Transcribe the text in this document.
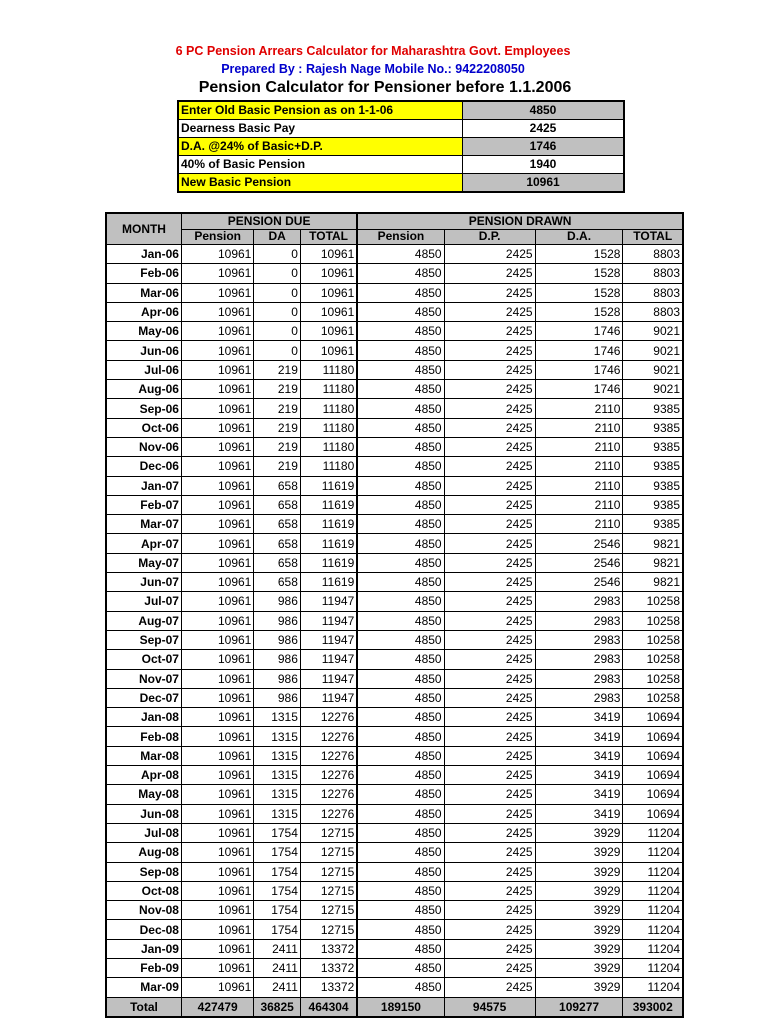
6 PC Pension Arrears Calculator for Maharashtra Govt. Employees
Prepared By : Rajesh Nage Mobile No.: 9422208050
Pension Calculator for Pensioner before 1.1.2006
Enter Old Basic Pension as on 1-1-06	4850
Dearness Basic Pay	2425
D.A. @24% of Basic+D.P.	1746
40% of Basic Pension	1940
New Basic Pension	10961
MONTH	PENSION DUE			PENSION DRAWN			
	Pension	DA	TOTAL	Pension	D.P.	D.A.	TOTAL
Jan-06	10961	0	10961	4850	2425	1528	8803
Feb-06	10961	0	10961	4850	2425	1528	8803
Mar-06	10961	0	10961	4850	2425	1528	8803
Apr-06	10961	0	10961	4850	2425	1528	8803
May-06	10961	0	10961	4850	2425	1746	9021
Jun-06	10961	0	10961	4850	2425	1746	9021
Jul-06	10961	219	11180	4850	2425	1746	9021
Aug-06	10961	219	11180	4850	2425	1746	9021
Sep-06	10961	219	11180	4850	2425	2110	9385
Oct-06	10961	219	11180	4850	2425	2110	9385
Nov-06	10961	219	11180	4850	2425	2110	9385
Dec-06	10961	219	11180	4850	2425	2110	9385
Jan-07	10961	658	11619	4850	2425	2110	9385
Feb-07	10961	658	11619	4850	2425	2110	9385
Mar-07	10961	658	11619	4850	2425	2110	9385
Apr-07	10961	658	11619	4850	2425	2546	9821
May-07	10961	658	11619	4850	2425	2546	9821
Jun-07	10961	658	11619	4850	2425	2546	9821
Jul-07	10961	986	11947	4850	2425	2983	10258
Aug-07	10961	986	11947	4850	2425	2983	10258
Sep-07	10961	986	11947	4850	2425	2983	10258
Oct-07	10961	986	11947	4850	2425	2983	10258
Nov-07	10961	986	11947	4850	2425	2983	10258
Dec-07	10961	986	11947	4850	2425	2983	10258
Jan-08	10961	1315	12276	4850	2425	3419	10694
Feb-08	10961	1315	12276	4850	2425	3419	10694
Mar-08	10961	1315	12276	4850	2425	3419	10694
Apr-08	10961	1315	12276	4850	2425	3419	10694
May-08	10961	1315	12276	4850	2425	3419	10694
Jun-08	10961	1315	12276	4850	2425	3419	10694
Jul-08	10961	1754	12715	4850	2425	3929	11204
Aug-08	10961	1754	12715	4850	2425	3929	11204
Sep-08	10961	1754	12715	4850	2425	3929	11204
Oct-08	10961	1754	12715	4850	2425	3929	11204
Nov-08	10961	1754	12715	4850	2425	3929	11204
Dec-08	10961	1754	12715	4850	2425	3929	11204
Jan-09	10961	2411	13372	4850	2425	3929	11204
Feb-09	10961	2411	13372	4850	2425	3929	11204
Mar-09	10961	2411	13372	4850	2425	3929	11204
Total	427479	36825	464304	189150	94575	109277	393002
